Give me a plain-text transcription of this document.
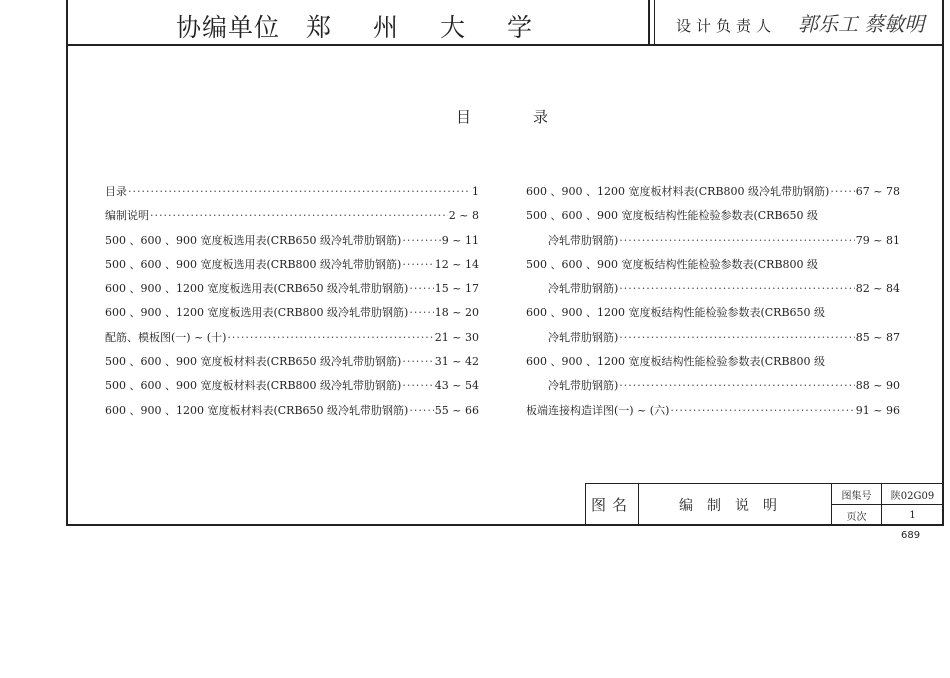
协编单位 郑州大学	设计负责人 郭乐工 蔡敏明
目录
目录 ·····	1
编制说明 ·····	2 ~ 8
500 、600 、900 宽度板选用表(CRB650 级冷轧带肋钢筋) ·····	9 ~ 11
500 、600 、900 宽度板选用表(CRB800 级冷轧带肋钢筋) ·····	12 ~ 14
600 、900 、1200 宽度板选用表(CRB650 级冷轧带肋钢筋) ····· 15 ~ 17
600 、900 、1200 宽度板选用表(CRB800 级冷轧带肋钢筋) ····· 18 ~ 20
配筋、模板图(一) ~ (十) ·····	21 ~ 30
500 、600 、900 宽度板材料表(CRB650 级冷轧带肋钢筋) ·····	31 ~ 42
500 、600 、900 宽度板材料表(CRB800 级冷轧带肋钢筋) ·····	43 ~ 54
600 、900 、1200 宽度板材料表(CRB650 级冷轧带肋钢筋) ····· 55 ~ 66
600 、900 、1200 宽度板材料表(CRB800 级冷轧带肋钢筋) ····· 67 ~ 78
500 、600 、900 宽度板结构性能检验参数表(CRB650 级
冷轧带肋钢筋) ·····	79 ~ 81
500 、600 、900 宽度板结构性能检验参数表(CRB800 级
冷轧带肋钢筋) ·····	82 ~ 84
600 、900 、1200 宽度板结构性能检验参数表(CRB650 级
冷轧带肋钢筋) ·····	85 ~ 87
600 、900 、1200 宽度板结构性能检验参数表(CRB800 级
冷轧带肋钢筋) ·····	88 ~ 90
板端连接构造详图(一) ~ (六) ·····	91 ~ 96
图名	编制说明
图集号	陕02G09
页次	1
689
